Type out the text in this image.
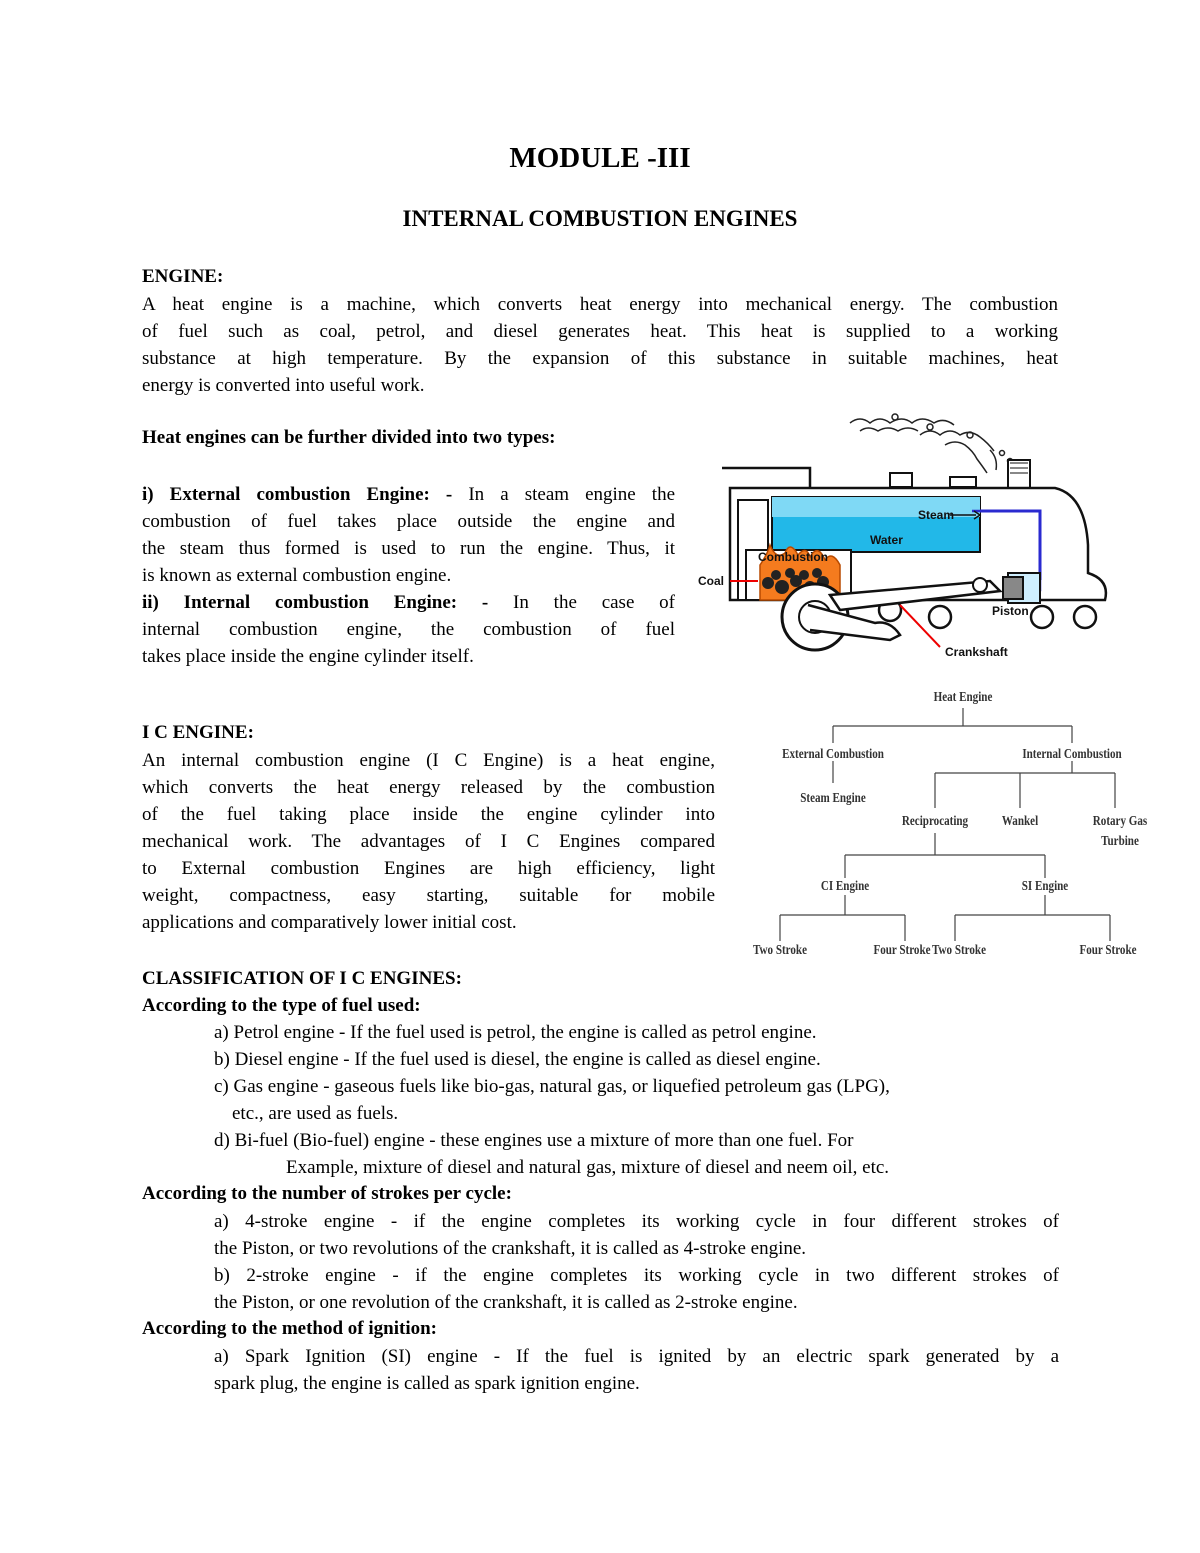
MODULE -III
INTERNAL COMBUSTION ENGINES
ENGINE:
A heat engine is a machine, which converts heat energy into mechanical energy. The combustion
of fuel such as coal, petrol, and diesel generates heat. This heat is supplied to a working
substance at high temperature. By the expansion of this substance in suitable machines, heat
energy is converted into useful work.
Heat engines can be further divided into two types:
i) External combustion Engine: - In a steam engine the
combustion of fuel takes place outside the engine and
the steam thus formed is used to run the engine. Thus, it
is known as external combustion engine.
ii) Internal combustion Engine: - In the case of
internal combustion engine, the combustion of fuel
takes place inside the engine cylinder itself.
Steam
Water
Combustion
Coal
Piston
Crankshaft
I C ENGINE:
An internal combustion engine (I C Engine) is a heat engine,
which converts the heat energy released by the combustion
of the fuel taking place inside the engine cylinder into
mechanical work. The advantages of I C Engines compared
to External combustion Engines are high efficiency, light
weight, compactness, easy starting, suitable for mobile
applications and comparatively lower initial cost.
Heat Engine
External Combustion	Internal Combustion
Steam Engine
Reciprocating	Wankel	Rotary Gas
Turbine
CI Engine	SI Engine
Two Stroke	Four Stroke Two Stroke	Four Stroke
CLASSIFICATION OF I C ENGINES:
According to the type of fuel used:
a) Petrol engine - If the fuel used is petrol, the engine is called as petrol engine.
b) Diesel engine - If the fuel used is diesel, the engine is called as diesel engine.
c) Gas engine - gaseous fuels like bio-gas, natural gas, or liquefied petroleum gas (LPG),
etc., are used as fuels.
d) Bi-fuel (Bio-fuel) engine - these engines use a mixture of more than one fuel. For
Example, mixture of diesel and natural gas, mixture of diesel and neem oil, etc.
According to the number of strokes per cycle:
a) 4-stroke engine - if the engine completes its working cycle in four different strokes of
the Piston, or two revolutions of the crankshaft, it is called as 4-stroke engine.
b) 2-stroke engine - if the engine completes its working cycle in two different strokes of
the Piston, or one revolution of the crankshaft, it is called as 2-stroke engine.
According to the method of ignition:
a) Spark Ignition (SI) engine - If the fuel is ignited by an electric spark generated by a
spark plug, the engine is called as spark ignition engine.
